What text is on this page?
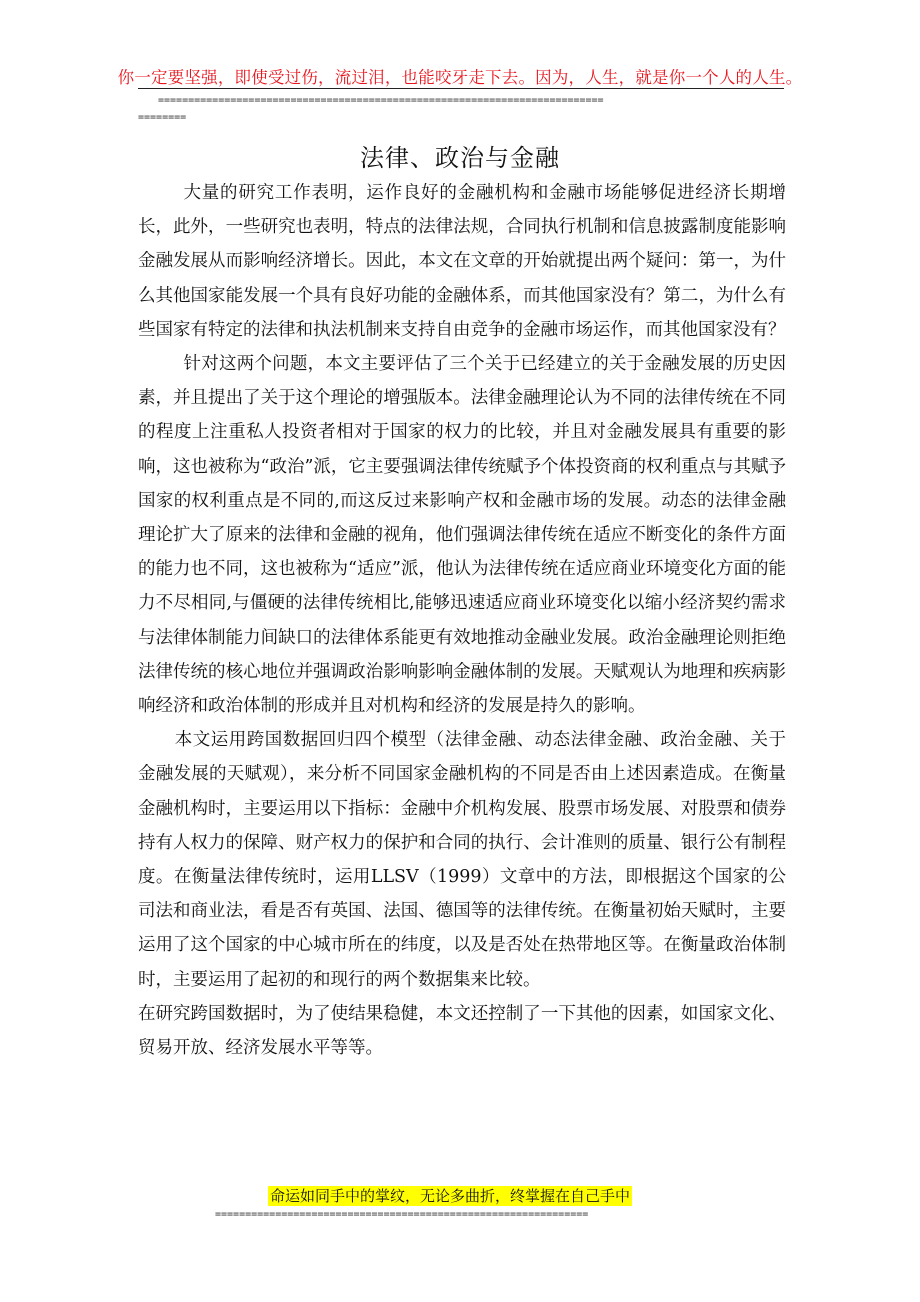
你一定要坚强，即使受过伤，流过泪，也能咬牙走下去。因为，人生，就是你一个人的人生。
==========================================================================
========
法律、政治与金融

大量的研究工作表明，运作良好的金融机构和金融市场能够促进经济长期增长，此外，一些研究也表明，特点的法律法规，合同执行机制和信息披露制度能影响金融发展从而影响经济增长。因此，本文在文章的开始就提出两个疑问：第一，为什么其他国家能发展一个具有良好功能的金融体系，而其他国家没有？第二，为什么有些国家有特定的法律和执法机制来支持自由竞争的金融市场运作，而其他国家没有？

针对这两个问题，本文主要评估了三个关于已经建立的关于金融发展的历史因素，并且提出了关于这个理论的增强版本。法律金融理论认为不同的法律传统在不同的程度上注重私人投资者相对于国家的权力的比较，并且对金融发展具有重要的影响，这也被称为“政治”派，它主要强调法律传统赋予个体投资商的权利重点与其赋予国家的权利重点是不同的,而这反过来影响产权和金融市场的发展。动态的法律金融理论扩大了原来的法律和金融的视角，他们强调法律传统在适应不断变化的条件方面的能力也不同，这也被称为“适应”派，他认为法律传统在适应商业环境变化方面的能力不尽相同,与僵硬的法律传统相比,能够迅速适应商业环境变化以缩小经济契约需求与法律体制能力间缺口的法律体系能更有效地推动金融业发展。政治金融理论则拒绝法律传统的核心地位并强调政治影响影响金融体制的发展。天赋观认为地理和疾病影响经济和政治体制的形成并且对机构和经济的发展是持久的影响。

本文运用跨国数据回归四个模型（法律金融、动态法律金融、政治金融、关于金融发展的天赋观），来分析不同国家金融机构的不同是否由上述因素造成。在衡量金融机构时，主要运用以下指标：金融中介机构发展、股票市场发展、对股票和债券持有人权力的保障、财产权力的保护和合同的执行、会计准则的质量、银行公有制程度。在衡量法律传统时，运用LLSV（1999）文章中的方法，即根据这个国家的公司法和商业法，看是否有英国、法国、德国等的法律传统。在衡量初始天赋时，主要运用了这个国家的中心城市所在的纬度，以及是否处在热带地区等。在衡量政治体制时，主要运用了起初的和现行的两个数据集来比较。

在研究跨国数据时，为了使结果稳健，本文还控制了一下其他的因素，如国家文化、贸易开放、经济发展水平等等。

命运如同手中的掌纹，无论多曲折，终掌握在自己手中
==============================================================
